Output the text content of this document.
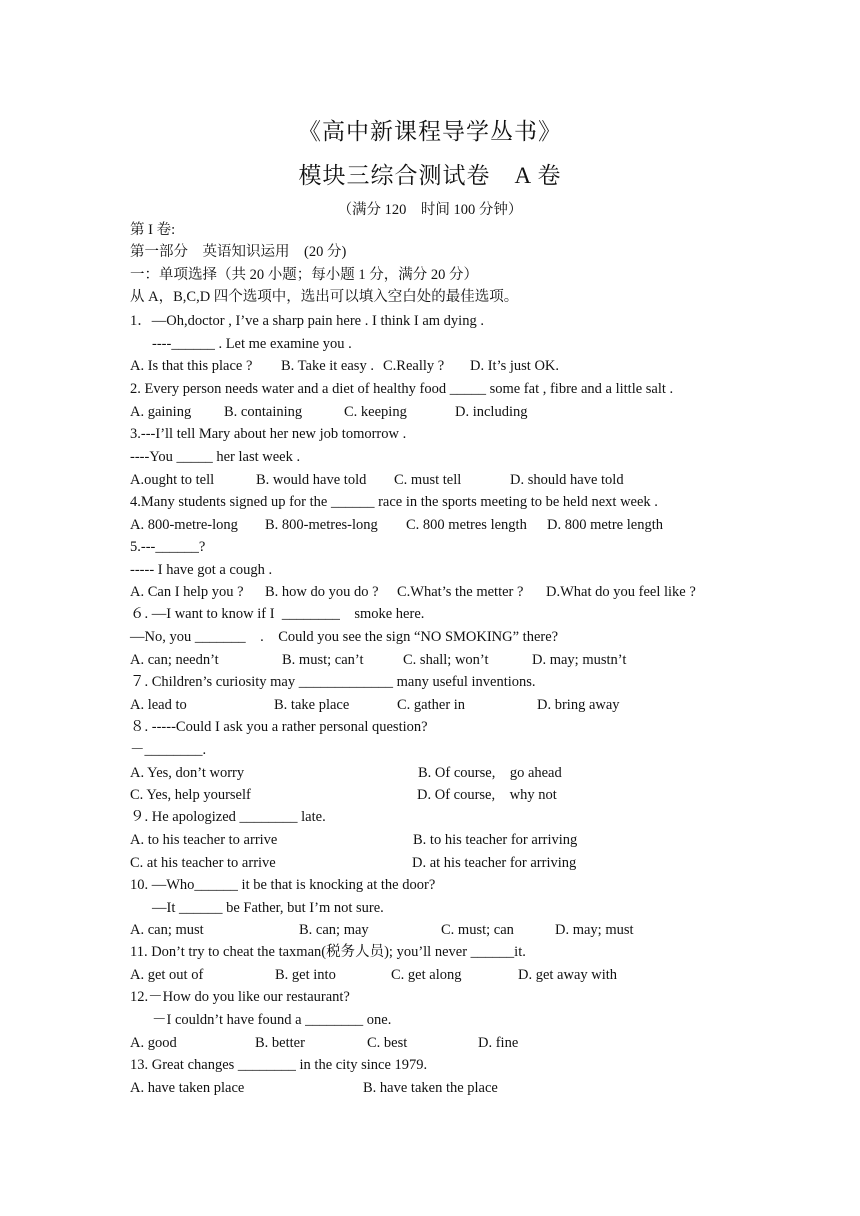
《高中新课程导学丛书》
模块三综合测试卷 A 卷
（满分 120　时间 100 分钟）
第 I 卷:
第一部分　英语知识运用　(20 分)
一：单项选择（共 20 小题；每小题 1 分，满分 20 分）
从 A，B,C,D 四个选项中，选出可以填入空白处的最佳选项。
1．—Oh,doctor , I’ve a sharp pain here . I think I am dying .
----______ . Let me examine you .
A. Is that this place ? B. Take it easy . C.Really ? D. It’s just OK.
2. Every person needs water and a diet of healthy food _____ some fat , fibre and a little salt .
A. gaining B. containing	C. keeping	D. including
3.---I’ll tell Mary about her new job tomorrow .
----You _____ her last week .
A.ought to tell	B. would have told C. must tell	D. should have told
4.Many students signed up for the ______ race in the sports meeting to be held next week .
A. 800-metre-long B. 800-metres-long C. 800 metres length D. 800 metre length
5.---______?
----- I have got a cough .
A. Can I help you ? B. how do you do ? C.What’s the metter ? D.What do you feel like ?
６. —I want to know if I  ________    smoke here.
—No, you _______    .    Could you see the sign “NO SMOKING” there?
A. can; needn’t	B. must; can’t	C. shall; won’t	D. may; mustn’t
７. Children’s curiosity may _____________ many useful inventions.
A. lead to	B. take place	C. gather in	D. bring away
８. -----Could I ask you a rather personal question?
－________.
A. Yes, don’t worry	B. Of course,    go ahead
C. Yes, help yourself	D. Of course,    why not
９. He apologized ________ late.
A. to his teacher to arrive	B. to his teacher for arriving
C. at his teacher to arrive	D. at his teacher for arriving
10. —Who______ it be that is knocking at the door?
—It ______ be Father, but I’m not sure.
A. can; must	B. can; may	C. must; can	D. may; must
11. Don’t try to cheat the taxman(税务人员); you’ll never ______it.
A. get out of	B. get into	C. get along	D. get away with
12.－How do you like our restaurant?
－I couldn’t have found a ________ one.
A. good	B. better	C. best	D. fine
13. Great changes ________ in the city since 1979.
A. have taken place	B. have taken the place
